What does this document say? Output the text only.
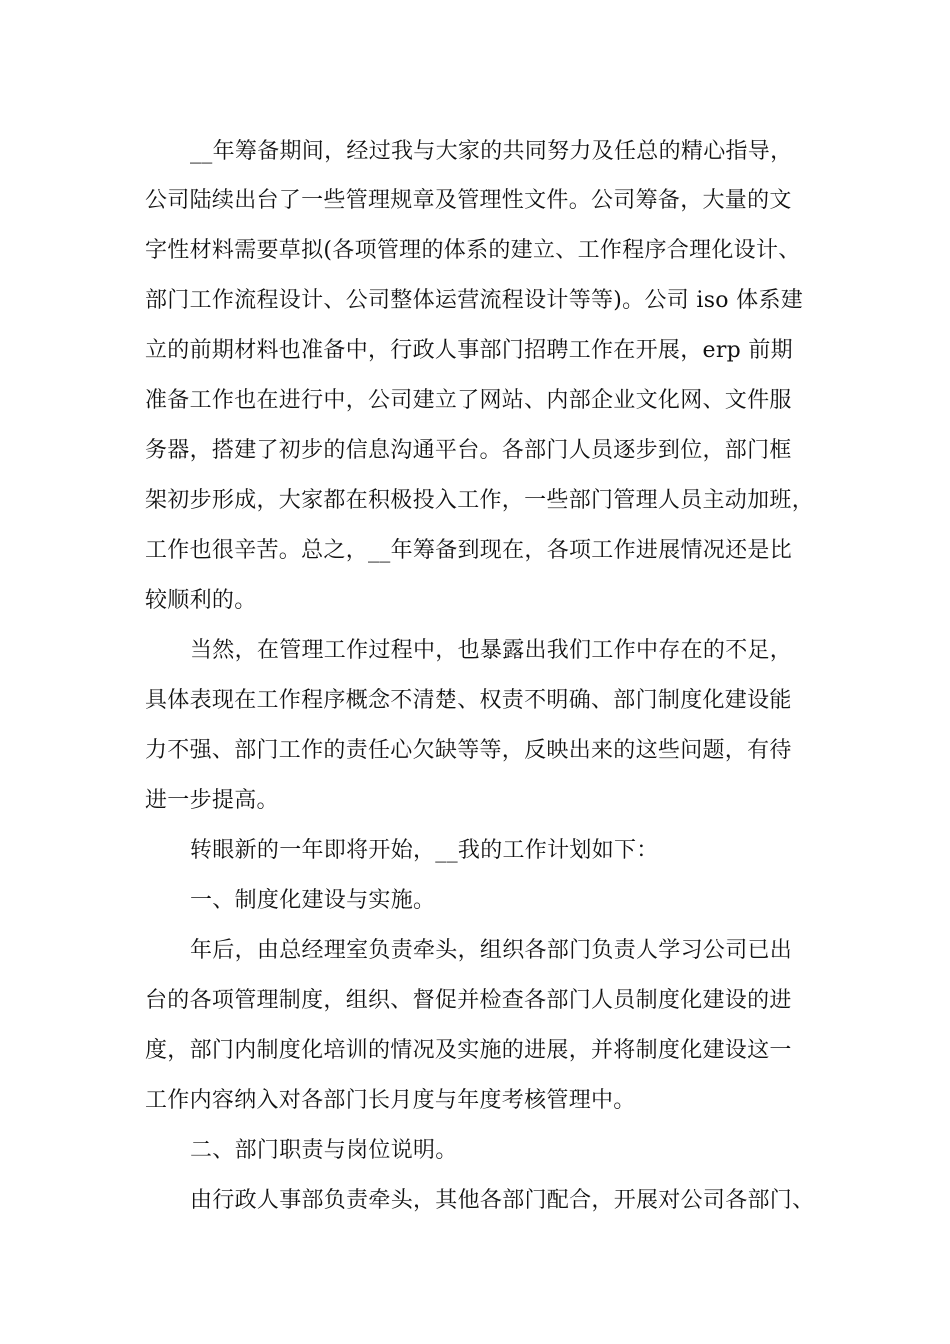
__年筹备期间，经过我与大家的共同努力及任总的精心指导，
公司陆续出台了一些管理规章及管理性文件。公司筹备，大量的文
字性材料需要草拟(各项管理的体系的建立、工作程序合理化设计、
部门工作流程设计、公司整体运营流程设计等等)。公司 iso 体系建
立的前期材料也准备中，行政人事部门招聘工作在开展，erp 前期
准备工作也在进行中，公司建立了网站、内部企业文化网、文件服
务器，搭建了初步的信息沟通平台。各部门人员逐步到位，部门框
架初步形成，大家都在积极投入工作，一些部门管理人员主动加班，
工作也很辛苦。总之，__年筹备到现在，各项工作进展情况还是比
较顺利的。
当然，在管理工作过程中，也暴露出我们工作中存在的不足，
具体表现在工作程序概念不清楚、权责不明确、部门制度化建设能
力不强、部门工作的责任心欠缺等等，反映出来的这些问题，有待
进一步提高。
转眼新的一年即将开始，__我的工作计划如下：
一、制度化建设与实施。
年后，由总经理室负责牵头，组织各部门负责人学习公司已出
台的各项管理制度，组织、督促并检查各部门人员制度化建设的进
度，部门内制度化培训的情况及实施的进展，并将制度化建设这一
工作内容纳入对各部门长月度与年度考核管理中。
二、部门职责与岗位说明。
由行政人事部负责牵头，其他各部门配合，开展对公司各部门、
